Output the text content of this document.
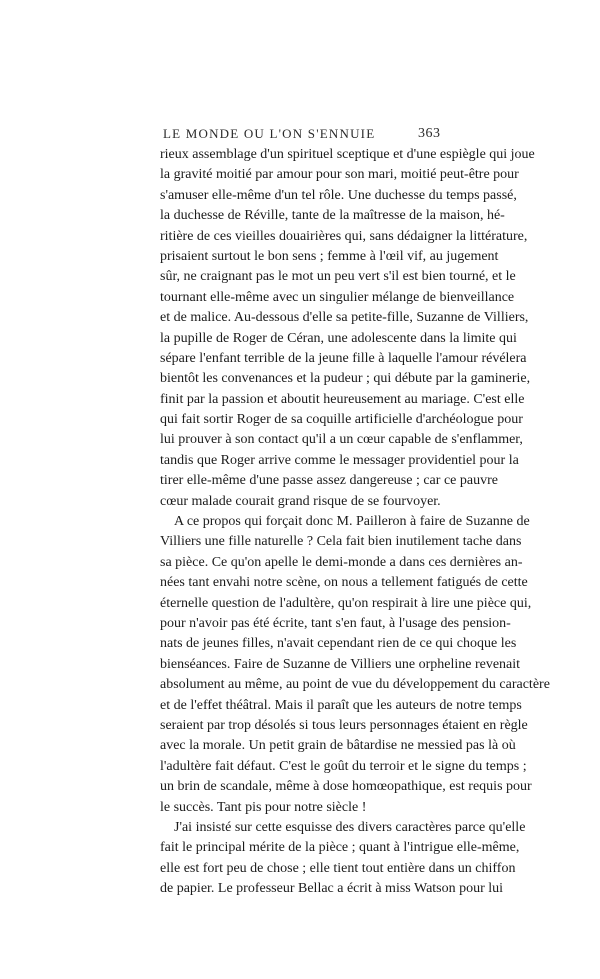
LE MONDE OU L'ON S'ENNUIE	363
rieux assemblage d'un spirituel sceptique et d'une espiègle qui joue
la gravité moitié par amour pour son mari, moitié peut-être pour
s'amuser elle-même d'un tel rôle. Une duchesse du temps passé,
la duchesse de Réville, tante de la maîtresse de la maison, hé-
ritière de ces vieilles douairières qui, sans dédaigner la littérature,
prisaient surtout le bon sens ; femme à l'œil vif, au jugement
sûr, ne craignant pas le mot un peu vert s'il est bien tourné, et le
tournant elle-même avec un singulier mélange de bienveillance
et de malice. Au-dessous d'elle sa petite-fille, Suzanne de Villiers,
la pupille de Roger de Céran, une adolescente dans la limite qui
sépare l'enfant terrible de la jeune fille à laquelle l'amour révélera
bientôt les convenances et la pudeur ; qui débute par la gaminerie,
finit par la passion et aboutit heureusement au mariage. C'est elle
qui fait sortir Roger de sa coquille artificielle d'archéologue pour
lui prouver à son contact qu'il a un cœur capable de s'enflammer,
tandis que Roger arrive comme le messager providentiel pour la
tirer elle-même d'une passe assez dangereuse ; car ce pauvre
cœur malade courait grand risque de se fourvoyer.
A ce propos qui forçait donc M. Pailleron à faire de Suzanne de
Villiers une fille naturelle ? Cela fait bien inutilement tache dans
sa pièce. Ce qu'on apelle le demi-monde a dans ces dernières an-
nées tant envahi notre scène, on nous a tellement fatigués de cette
éternelle question de l'adultère, qu'on respirait à lire une pièce qui,
pour n'avoir pas été écrite, tant s'en faut, à l'usage des pension-
nats de jeunes filles, n'avait cependant rien de ce qui choque les
bienséances. Faire de Suzanne de Villiers une orpheline revenait
absolument au même, au point de vue du développement du caractère
et de l'effet théâtral. Mais il paraît que les auteurs de notre temps
seraient par trop désolés si tous leurs personnages étaient en règle
avec la morale. Un petit grain de bâtardise ne messied pas là où
l'adultère fait défaut. C'est le goût du terroir et le signe du temps ;
un brin de scandale, même à dose homœopathique, est requis pour
le succès. Tant pis pour notre siècle !
J'ai insisté sur cette esquisse des divers caractères parce qu'elle
fait le principal mérite de la pièce ; quant à l'intrigue elle-même,
elle est fort peu de chose ; elle tient tout entière dans un chiffon
de papier. Le professeur Bellac a écrit à miss Watson pour lui
